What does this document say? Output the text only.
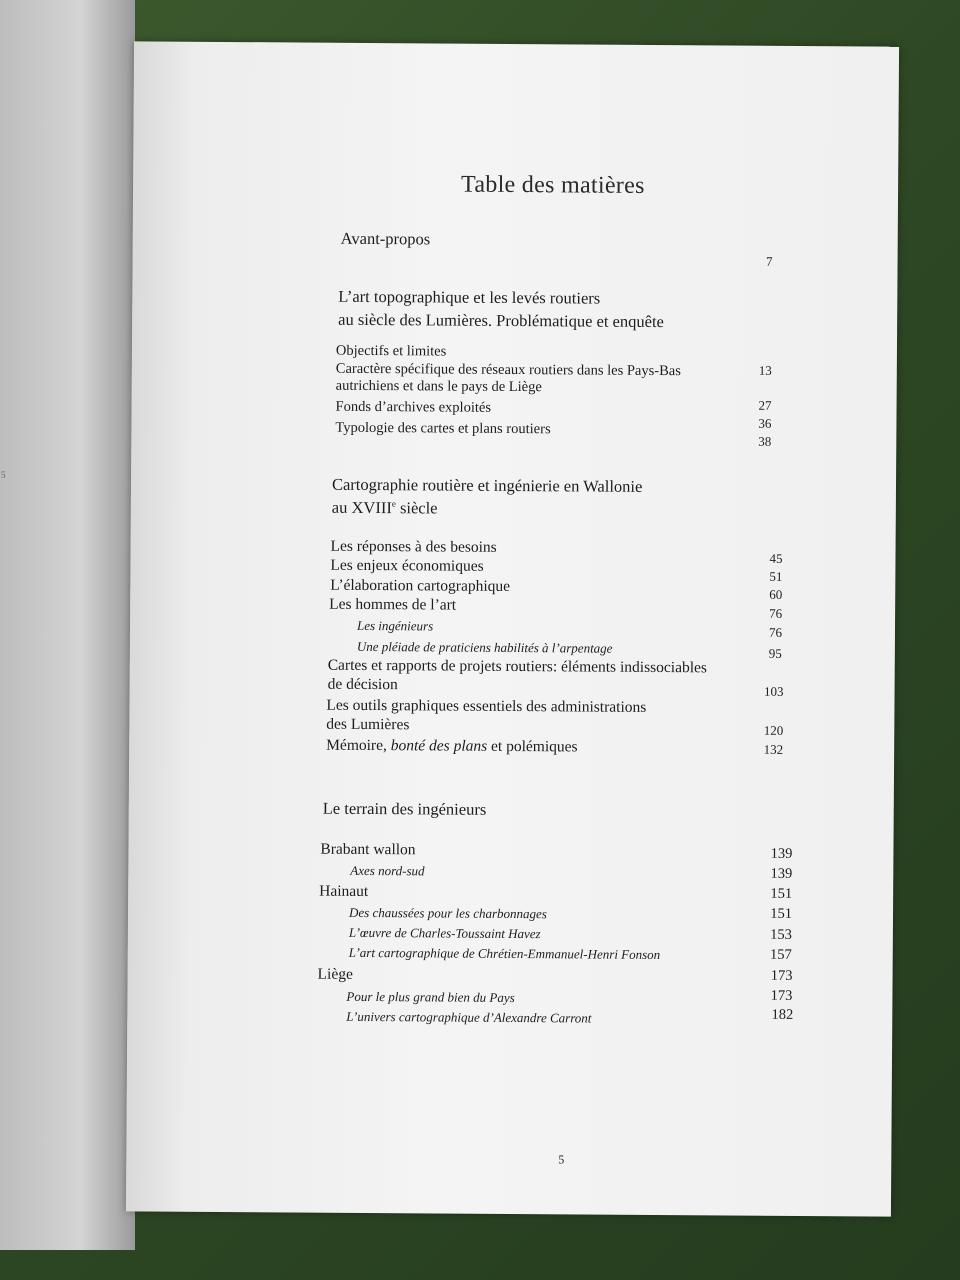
5
Table des matières
Avant-propos
7
L’art topographique et les levés routiers
au siècle des Lumières. Problématique et enquête
Objectifs et limites
Caractère spécifique des réseaux routiers dans les Pays-Bas
autrichiens et dans le pays de Liège
Fonds d’archives exploités
Typologie des cartes et plans routiers
13
27
36
38
Cartographie routière et ingénierie en Wallonie
au XVIIIe siècle
Les réponses à des besoins
Les enjeux économiques
L’élaboration cartographique
Les hommes de l’art
Les ingénieurs
Une pléiade de praticiens habilités à l’arpentage
Cartes et rapports de projets routiers: éléments indissociables
de décision
Les outils graphiques essentiels des administrations
des Lumières
Mémoire, bonté des plans et polémiques
45
51
60
76
76
95
103
120
132
Le terrain des ingénieurs
Brabant wallon
Axes nord-sud
Hainaut
Des chaussées pour les charbonnages
L’œuvre de Charles-Toussaint Havez
L’art cartographique de Chrétien-Emmanuel-Henri Fonson
Liège
Pour le plus grand bien du Pays
L’univers cartographique d’Alexandre Carront
139
139
151
151
153
157
173
173
182
5
